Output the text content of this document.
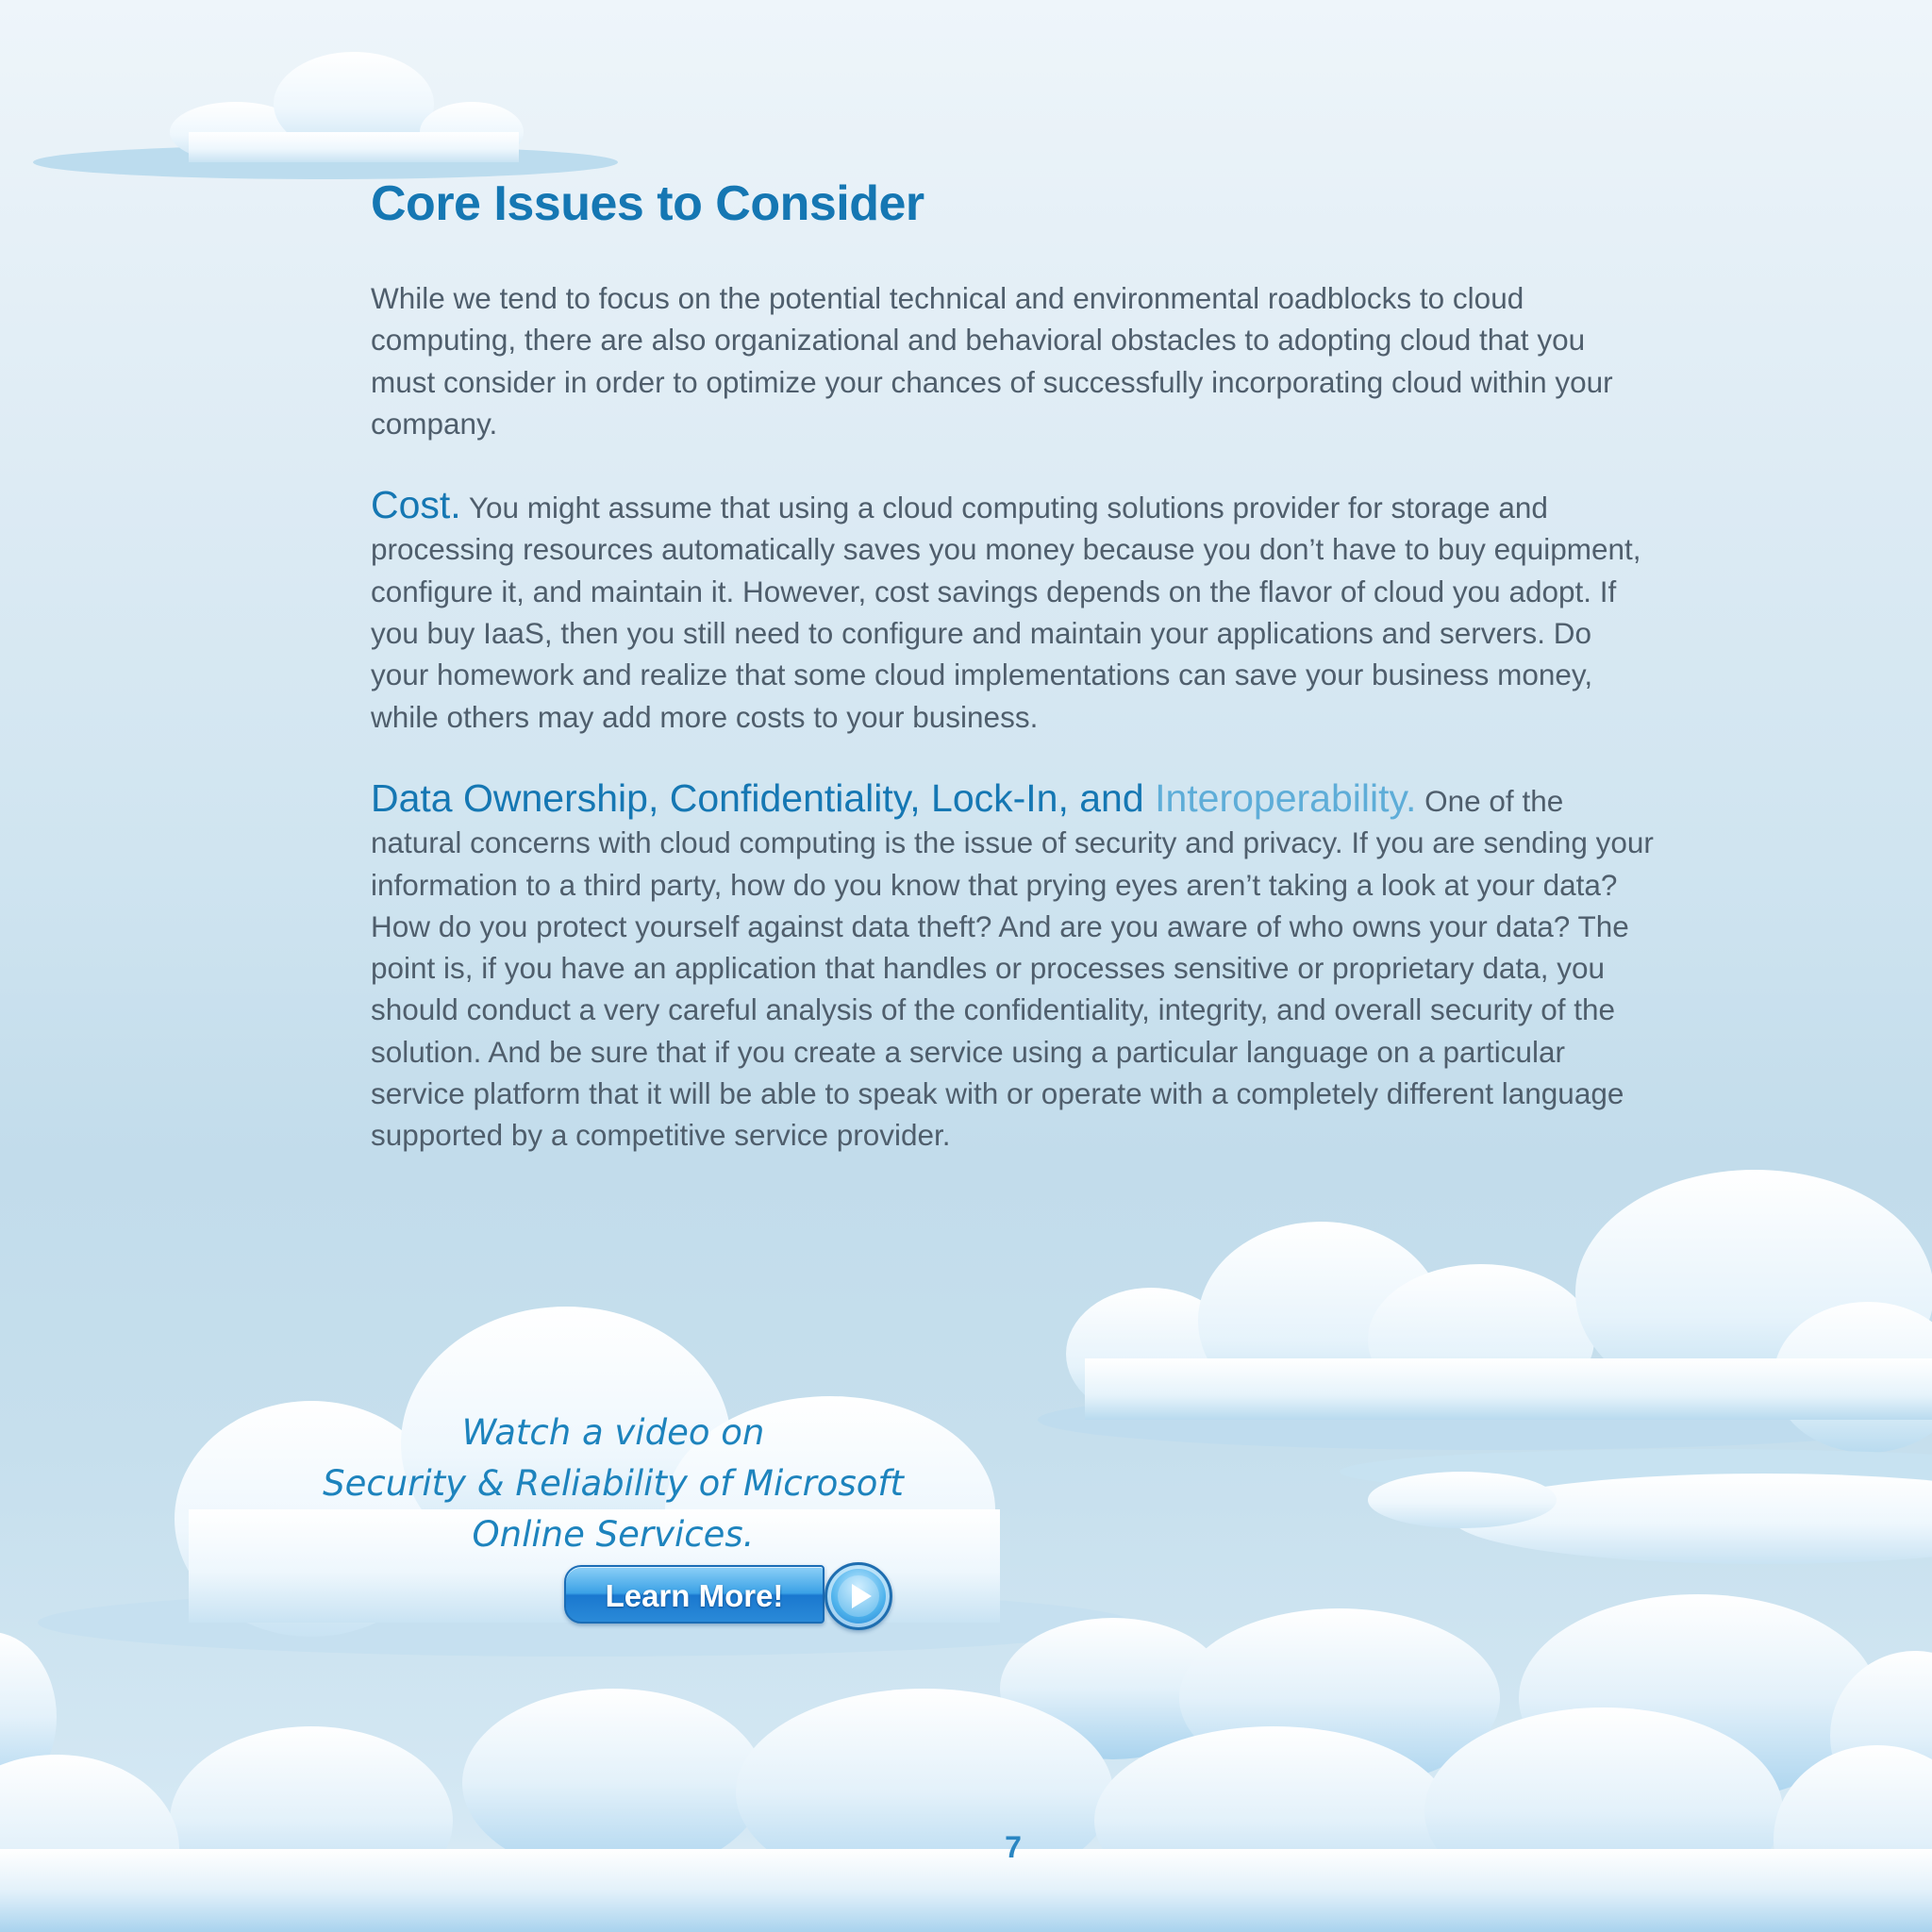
Core Issues to Consider

While we tend to focus on the potential technical and environmental roadblocks to cloud computing, there are also organizational and behavioral obstacles to adopting cloud that you must consider in order to optimize your chances of successfully incorporating cloud within your company.

Cost. You might assume that using a cloud computing solutions provider for storage and processing resources automatically saves you money because you don’t have to buy equipment, configure it, and maintain it. However, cost savings depends on the flavor of cloud you adopt. If you buy IaaS, then you still need to configure and maintain your applications and servers. Do your homework and realize that some cloud implementations can save your business money, while others may add more costs to your business.

Data Ownership, Confidentiality, Lock-In, and Interoperability. One of the natural concerns with cloud computing is the issue of security and privacy. If you are sending your information to a third party, how do you know that prying eyes aren’t taking a look at your data? How do you protect yourself against data theft? And are you aware of who owns your data? The point is, if you have an application that handles or processes sensitive or proprietary data, you should conduct a very careful analysis of the confidentiality, integrity, and overall security of the solution. And be sure that if you create a service using a particular language on a particular service platform that it will be able to speak with or operate with a completely different language supported by a competitive service provider.

Watch a video on
Security & Reliability of Microsoft
Online Services.
Learn More!
7
